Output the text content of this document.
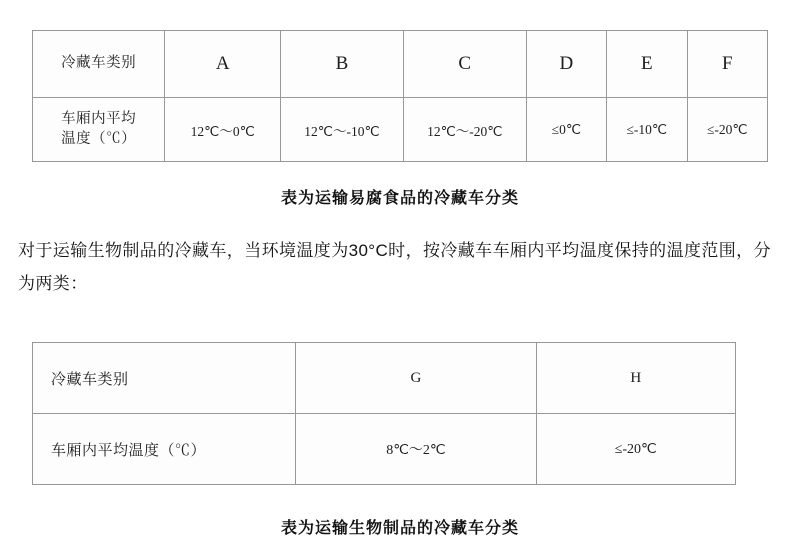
冷藏车类别	A	B	C	D	E	F
车厢内平均
温度（℃）	12℃～0℃	12℃～-10℃	12℃～-20℃	≤0℃	≤-10℃	≤-20℃
表为运输易腐食品的冷藏车分类
对于运输生物制品的冷藏车，当环境温度为30°C时，按冷藏车车厢内平均温度保持的温度范围，分为两类：
冷藏车类别	G	H
车厢内平均温度（℃）	8℃～2℃	≤-20℃
表为运输生物制品的冷藏车分类
